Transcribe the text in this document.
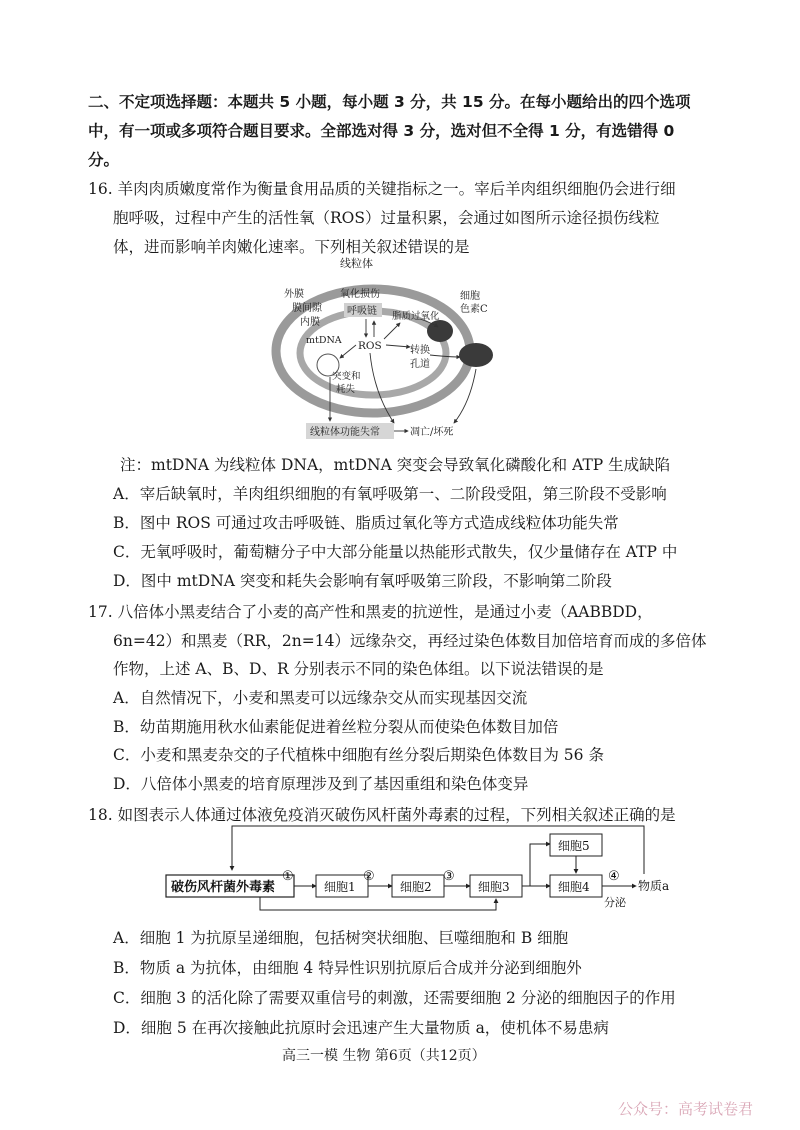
二、不定项选择题：本题共 5 小题，每小题 3 分，共 15 分。在每小题给出的四个选项
中，有一项或多项符合题目要求。全部选对得 3 分，选对但不全得 1 分，有选错得 0
分。
16. 羊肉肉质嫩度常作为衡量食用品质的关键指标之一。宰后羊肉组织细胞仍会进行细
胞呼吸，过程中产生的活性氧（ROS）过量积累，会通过如图所示途径损伤线粒
体，进而影响羊肉嫩化速率。下列相关叙述错误的是
线粒体
外膜
膜间隙
内膜
mtDNA
氧化损伤
呼吸链
ROS
脂质过氧化
细胞
色素C
转换
孔道
突变和
耗失
线粒体功能失常	凋亡/坏死
注：mtDNA 为线粒体 DNA，mtDNA 突变会导致氧化磷酸化和 ATP 生成缺陷
A．宰后缺氧时，羊肉组织细胞的有氧呼吸第一、二阶段受阻，第三阶段不受影响
B．图中 ROS 可通过攻击呼吸链、脂质过氧化等方式造成线粒体功能失常
C．无氧呼吸时，葡萄糖分子中大部分能量以热能形式散失，仅少量储存在 ATP 中
D．图中 mtDNA 突变和耗失会影响有氧呼吸第三阶段，不影响第二阶段
17. 八倍体小黑麦结合了小麦的高产性和黑麦的抗逆性，是通过小麦（AABBDD，
6n=42）和黑麦（RR，2n=14）远缘杂交，再经过染色体数目加倍培育而成的多倍体
作物，上述 A、B、D、R 分别表示不同的染色体组。以下说法错误的是
A．自然情况下，小麦和黑麦可以远缘杂交从而实现基因交流
B．幼苗期施用秋水仙素能促进着丝粒分裂从而使染色体数目加倍
C．小麦和黑麦杂交的子代植株中细胞有丝分裂后期染色体数目为 56 条
D．八倍体小黑麦的培育原理涉及到了基因重组和染色体变异
18. 如图表示人体通过体液免疫消灭破伤风杆菌外毒素的过程，下列相关叙述正确的是
破伤风杆菌外毒素
①
细胞1
②
细胞2
③
细胞3
细胞5
细胞4
④
分泌
物质a
A．细胞 1 为抗原呈递细胞，包括树突状细胞、巨噬细胞和 B 细胞
B．物质 a 为抗体，由细胞 4 特异性识别抗原后合成并分泌到细胞外
C．细胞 3 的活化除了需要双重信号的刺激，还需要细胞 2 分泌的细胞因子的作用
D．细胞 5 在再次接触此抗原时会迅速产生大量物质 a，使机体不易患病
高三一模 生物 第6页（共12页）
公众号：高考试卷君
